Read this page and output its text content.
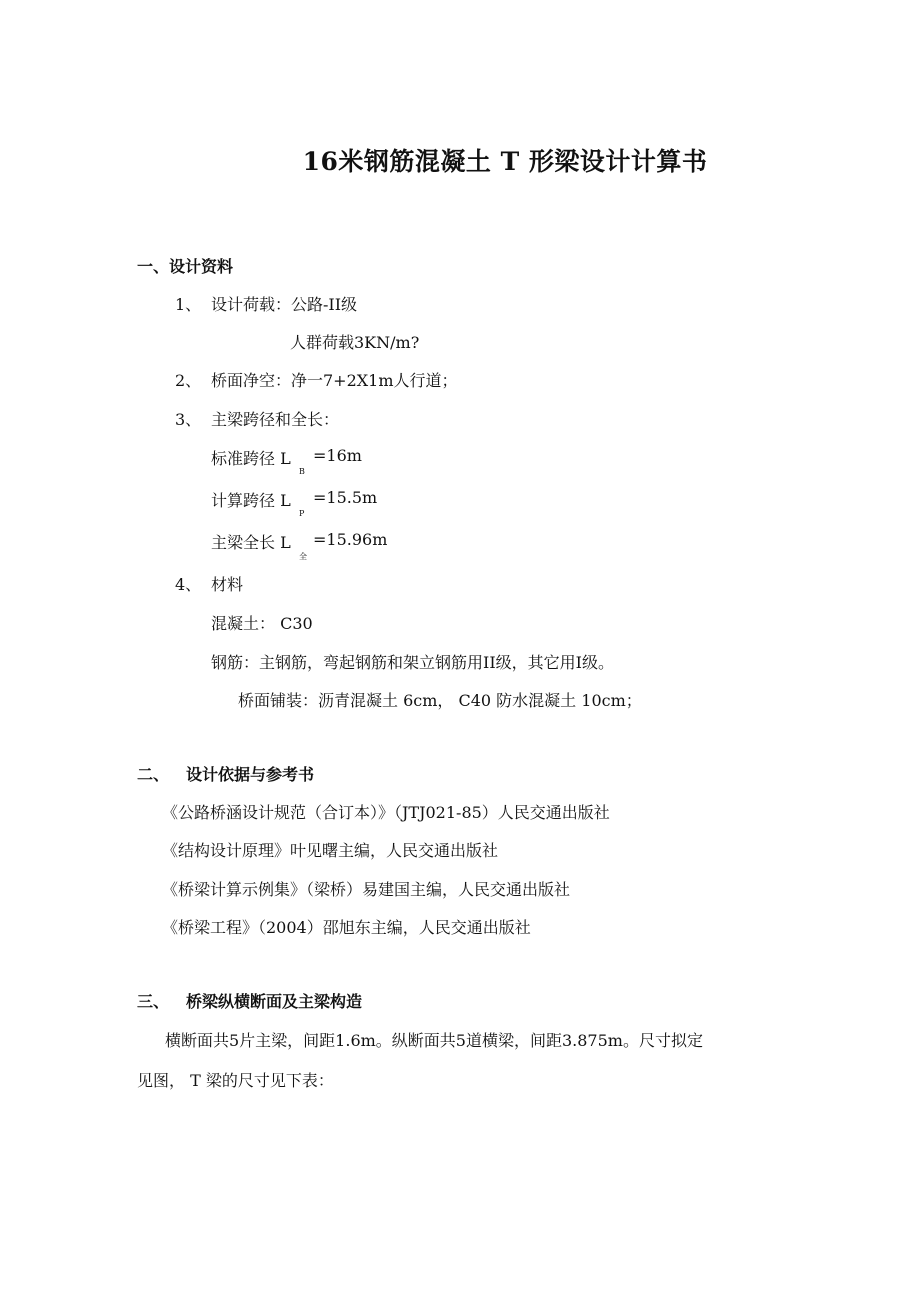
16米钢筋混凝土 T 形梁设计计算书
一、设计资料
1、 设计荷载：公路-II级
人群荷载3KN/m?
2、 桥面净空：净一7+2X1m人行道；
3、 主梁跨径和全长：
标准跨径 L
B
=16m
计算跨径 L
P
=15.5m
主梁全长 L
全
=15.96m
4、 材料
混凝土： C30
钢筋：主钢筋，弯起钢筋和架立钢筋用II级，其它用I级。
桥面铺装：沥青混凝土 6cm， C40 防水混凝土 10cm；
二、 设计依据与参考书
《公路桥涵设计规范（合订本）》（JTJ021-85）人民交通出版社
《结构设计原理》叶见曙主编，人民交通出版社
《桥梁计算示例集》（梁桥）易建国主编，人民交通出版社
《桥梁工程》（2004）邵旭东主编，人民交通出版社
三、 桥梁纵横断面及主梁构造
横断面共5片主梁，间距1.6m。纵断面共5道横梁，间距3.875m。尺寸拟定
见图， T 梁的尺寸见下表：
